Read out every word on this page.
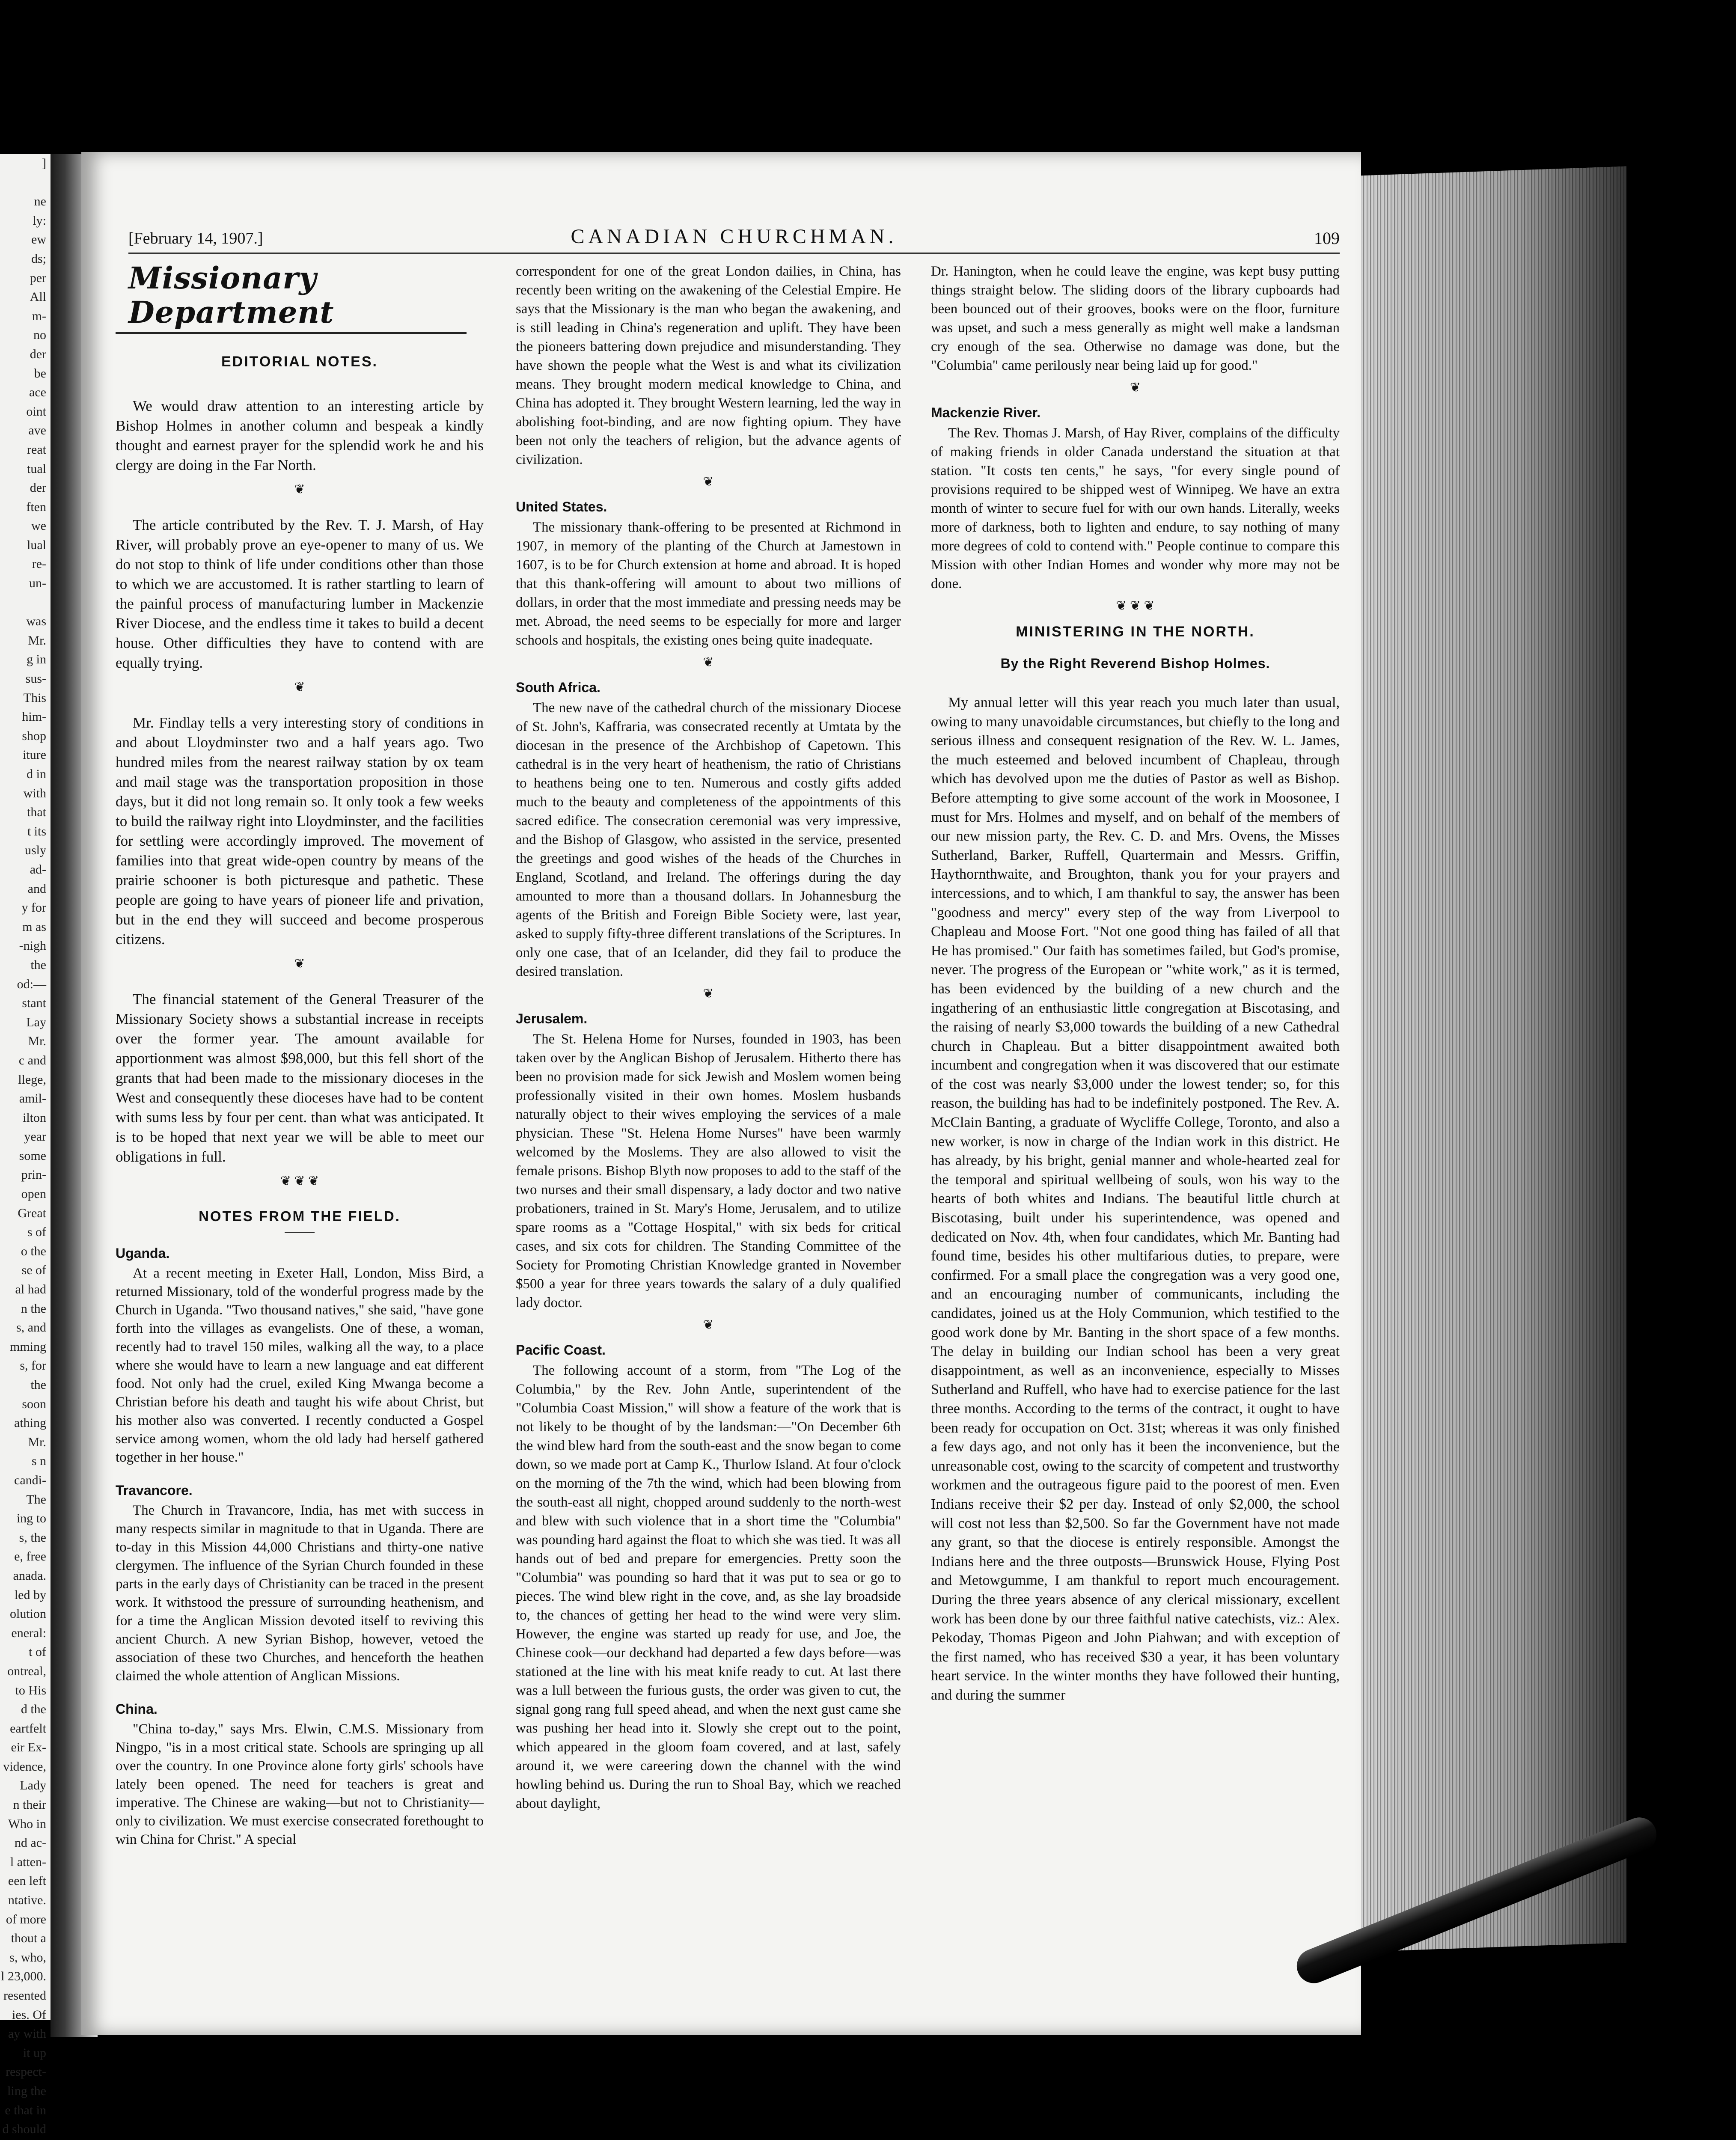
]

ne
ly:
ew
ds;
per
All
m-
no
der
be
ace
oint
ave
reat
tual
der
ften
we
lual
re-
un-

was
Mr.
g in
sus-
This
him-
shop
iture
d in
with
that
t its
usly
ad-
and
y for
m as
-nigh
the
od:—
stant
Lay
Mr.
c and
llege,
amil-
ilton
year
some
prin-
open
Great
s of
o the
se of
al had
n the
s, and
mming
s, for
the
soon
athing
Mr.
s n
candi-
The
ing to
s, the
e, free
anada.
led by
olution
eneral:
t of
ontreal,
to His
d the
eartfelt
eir Ex-
vidence,
Lady
n their
Who in
nd ac-
l atten-
een left
ntative.
of more
thout a
s, who,
l 23,000.
resented
ies. Of
ay with
it up
respect-
ling the
e that in
d should
[February 14, 1907.]	CANADIAN CHURCHMAN.	109
Missionary Department
EDITORIAL NOTES.

We would draw attention to an interesting article by Bishop Holmes in another column and bespeak a kindly thought and earnest prayer for the splendid work he and his clergy are doing in the Far North.

❦

The article contributed by the Rev. T. J. Marsh, of Hay River, will probably prove an eye-opener to many of us. We do not stop to think of life under conditions other than those to which we are accustomed. It is rather startling to learn of the painful process of manufacturing lumber in Mackenzie River Diocese, and the endless time it takes to build a decent house. Other difficulties they have to contend with are equally trying.

❦

Mr. Findlay tells a very interesting story of conditions in and about Lloydminster two and a half years ago. Two hundred miles from the nearest railway station by ox team and mail stage was the transportation proposition in those days, but it did not long remain so. It only took a few weeks to build the railway right into Lloydminster, and the facilities for settling were accordingly improved. The movement of families into that great wide-open country by means of the prairie schooner is both picturesque and pathetic. These people are going to have years of pioneer life and privation, but in the end they will succeed and become prosperous citizens.

❦

The financial statement of the General Treasurer of the Missionary Society shows a substantial increase in receipts over the former year. The amount available for apportionment was almost $98,000, but this fell short of the grants that had been made to the missionary dioceses in the West and consequently these dioceses have had to be content with sums less by four per cent. than what was anticipated. It is to be hoped that next year we will be able to meet our obligations in full.

❦ ❦ ❦
NOTES FROM THE FIELD.
Uganda.

At a recent meeting in Exeter Hall, London, Miss Bird, a returned Missionary, told of the wonderful progress made by the Church in Uganda. "Two thousand natives," she said, "have gone forth into the villages as evangelists. One of these, a woman, recently had to travel 150 miles, walking all the way, to a place where she would have to learn a new language and eat different food. Not only had the cruel, exiled King Mwanga become a Christian before his death and taught his wife about Christ, but his mother also was converted. I recently conducted a Gospel service among women, whom the old lady had herself gathered together in her house."

Travancore.

The Church in Travancore, India, has met with success in many respects similar in magnitude to that in Uganda. There are to-day in this Mission 44,000 Christians and thirty-one native clergymen. The influence of the Syrian Church founded in these parts in the early days of Christianity can be traced in the present work. It withstood the pressure of surrounding heathenism, and for a time the Anglican Mission devoted itself to reviving this ancient Church. A new Syrian Bishop, however, vetoed the association of these two Churches, and henceforth the heathen claimed the whole attention of Anglican Missions.

China.

"China to-day," says Mrs. Elwin, C.M.S. Missionary from Ningpo, "is in a most critical state. Schools are springing up all over the country. In one Province alone forty girls' schools have lately been opened. The need for teachers is great and imperative. The Chinese are waking—but not to Christianity—only to civilization. We must exercise consecrated forethought to win China for Christ." A special

correspondent for one of the great London dailies, in China, has recently been writing on the awakening of the Celestial Empire. He says that the Missionary is the man who began the awakening, and is still leading in China's regeneration and uplift. They have been the pioneers battering down prejudice and misunderstanding. They have shown the people what the West is and what its civilization means. They brought modern medical knowledge to China, and China has adopted it. They brought Western learning, led the way in abolishing foot-binding, and are now fighting opium. They have been not only the teachers of religion, but the advance agents of civilization.

❦
United States.

The missionary thank-offering to be presented at Richmond in 1907, in memory of the planting of the Church at Jamestown in 1607, is to be for Church extension at home and abroad. It is hoped that this thank-offering will amount to about two millions of dollars, in order that the most immediate and pressing needs may be met. Abroad, the need seems to be especially for more and larger schools and hospitals, the existing ones being quite inadequate.

❦
South Africa.

The new nave of the cathedral church of the missionary Diocese of St. John's, Kaffraria, was consecrated recently at Umtata by the diocesan in the presence of the Archbishop of Capetown. This cathedral is in the very heart of heathenism, the ratio of Christians to heathens being one to ten. Numerous and costly gifts added much to the beauty and completeness of the appointments of this sacred edifice. The consecration ceremonial was very impressive, and the Bishop of Glasgow, who assisted in the service, presented the greetings and good wishes of the heads of the Churches in England, Scotland, and Ireland. The offerings during the day amounted to more than a thousand dollars. In Johannesburg the agents of the British and Foreign Bible Society were, last year, asked to supply fifty-three different translations of the Scriptures. In only one case, that of an Icelander, did they fail to produce the desired translation.

❦
Jerusalem.

The St. Helena Home for Nurses, founded in 1903, has been taken over by the Anglican Bishop of Jerusalem. Hitherto there has been no provision made for sick Jewish and Moslem women being professionally visited in their own homes. Moslem husbands naturally object to their wives employing the services of a male physician. These "St. Helena Home Nurses" have been warmly welcomed by the Moslems. They are also allowed to visit the female prisons. Bishop Blyth now proposes to add to the staff of the two nurses and their small dispensary, a lady doctor and two native probationers, trained in St. Mary's Home, Jerusalem, and to utilize spare rooms as a "Cottage Hospital," with six beds for critical cases, and six cots for children. The Standing Committee of the Society for Promoting Christian Knowledge granted in November $500 a year for three years towards the salary of a duly qualified lady doctor.

❦
Pacific Coast.

The following account of a storm, from "The Log of the Columbia," by the Rev. John Antle, superintendent of the "Columbia Coast Mission," will show a feature of the work that is not likely to be thought of by the landsman:—"On December 6th the wind blew hard from the south-east and the snow began to come down, so we made port at Camp K., Thurlow Island. At four o'clock on the morning of the 7th the wind, which had been blowing from the south-east all night, chopped around suddenly to the north-west and blew with such violence that in a short time the "Columbia" was pounding hard against the float to which she was tied. It was all hands out of bed and prepare for emergencies. Pretty soon the "Columbia" was pounding so hard that it was put to sea or go to pieces. The wind blew right in the cove, and, as she lay broadside to, the chances of getting her head to the wind were very slim. However, the engine was started up ready for use, and Joe, the Chinese cook—our deckhand had departed a few days before—was stationed at the line with his meat knife ready to cut. At last there was a lull between the furious gusts, the order was given to cut, the signal gong rang full speed ahead, and when the next gust came she was pushing her head into it. Slowly she crept out to the point, which appeared in the gloom foam covered, and at last, safely around it, we were careering down the channel with the wind howling behind us. During the run to Shoal Bay, which we reached about daylight,

Dr. Hanington, when he could leave the engine, was kept busy putting things straight below. The sliding doors of the library cupboards had been bounced out of their grooves, books were on the floor, furniture was upset, and such a mess generally as might well make a landsman cry enough of the sea. Otherwise no damage was done, but the "Columbia" came perilously near being laid up for good."

❦
Mackenzie River.

The Rev. Thomas J. Marsh, of Hay River, complains of the difficulty of making friends in older Canada understand the situation at that station. "It costs ten cents," he says, "for every single pound of provisions required to be shipped west of Winnipeg. We have an extra month of winter to secure fuel for with our own hands. Literally, weeks more of darkness, both to lighten and endure, to say nothing of many more degrees of cold to contend with." People continue to compare this Mission with other Indian Homes and wonder why more may not be done.

❦ ❦ ❦
MINISTERING IN THE NORTH.
By the Right Reverend Bishop Holmes.

My annual letter will this year reach you much later than usual, owing to many unavoidable circumstances, but chiefly to the long and serious illness and consequent resignation of the Rev. W. L. James, the much esteemed and beloved incumbent of Chapleau, through which has devolved upon me the duties of Pastor as well as Bishop. Before attempting to give some account of the work in Moosonee, I must for Mrs. Holmes and myself, and on behalf of the members of our new mission party, the Rev. C. D. and Mrs. Ovens, the Misses Sutherland, Barker, Ruffell, Quartermain and Messrs. Griffin, Haythornthwaite, and Broughton, thank you for your prayers and intercessions, and to which, I am thankful to say, the answer has been "goodness and mercy" every step of the way from Liverpool to Chapleau and Moose Fort. "Not one good thing has failed of all that He has promised." Our faith has sometimes failed, but God's promise, never. The progress of the European or "white work," as it is termed, has been evidenced by the building of a new church and the ingathering of an enthusiastic little congregation at Biscotasing, and the raising of nearly $3,000 towards the building of a new Cathedral church in Chapleau. But a bitter disappointment awaited both incumbent and congregation when it was discovered that our estimate of the cost was nearly $3,000 under the lowest tender; so, for this reason, the building has had to be indefinitely postponed. The Rev. A. McClain Banting, a graduate of Wycliffe College, Toronto, and also a new worker, is now in charge of the Indian work in this district. He has already, by his bright, genial manner and whole-hearted zeal for the temporal and spiritual wellbeing of souls, won his way to the hearts of both whites and Indians. The beautiful little church at Biscotasing, built under his superintendence, was opened and dedicated on Nov. 4th, when four candidates, which Mr. Banting had found time, besides his other multifarious duties, to prepare, were confirmed. For a small place the congregation was a very good one, and an encouraging number of communicants, including the candidates, joined us at the Holy Communion, which testified to the good work done by Mr. Banting in the short space of a few months. The delay in building our Indian school has been a very great disappointment, as well as an inconvenience, especially to Misses Sutherland and Ruffell, who have had to exercise patience for the last three months. According to the terms of the contract, it ought to have been ready for occupation on Oct. 31st; whereas it was only finished a few days ago, and not only has it been the inconvenience, but the unreasonable cost, owing to the scarcity of competent and trustworthy workmen and the outrageous figure paid to the poorest of men. Even Indians receive their $2 per day. Instead of only $2,000, the school will cost not less than $2,500. So far the Government have not made any grant, so that the diocese is entirely responsible. Amongst the Indians here and the three outposts—Brunswick House, Flying Post and Metowgumme, I am thankful to report much encouragement. During the three years absence of any clerical missionary, excellent work has been done by our three faithful native catechists, viz.: Alex. Pekoday, Thomas Pigeon and John Piahwan; and with exception of the first named, who has received $30 a year, it has been voluntary heart service. In the winter months they have followed their hunting, and during the summer
